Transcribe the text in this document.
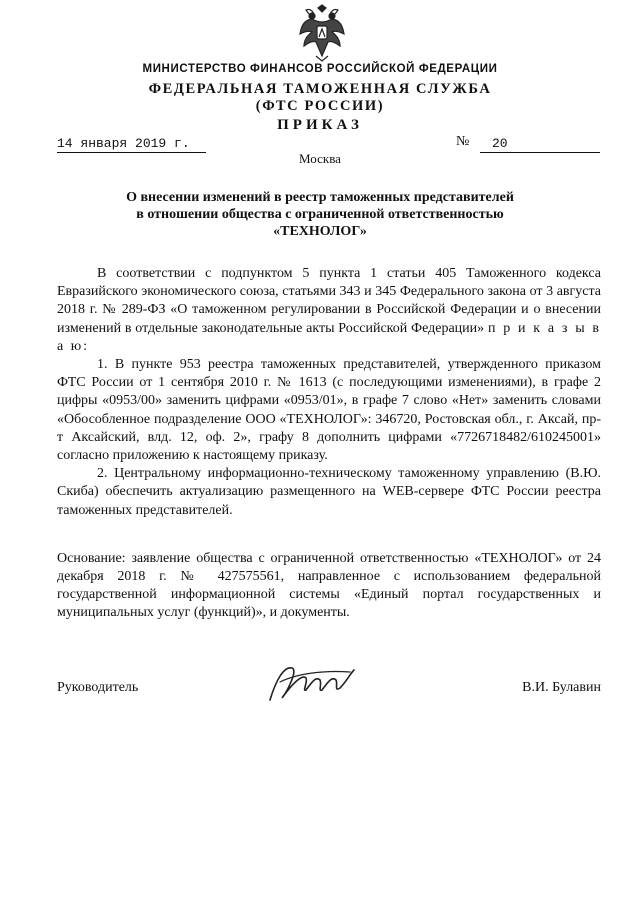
МИНИСТЕРСТВО ФИНАНСОВ РОССИЙСКОЙ ФЕДЕРАЦИИ
ФЕДЕРАЛЬНАЯ ТАМОЖЕННАЯ СЛУЖБА
(ФТС РОССИИ)
ПРИКАЗ
14 января 2019 г.	№	20
Москва
О внесении изменений в реестр таможенных представителей
в отношении общества с ограниченной ответственностью
«ТЕХНОЛОГ»

В соответствии с подпунктом 5 пункта 1 статьи 405 Таможенного кодекса Евразийского экономического союза, статьями 343 и 345 Федерального закона от 3 августа 2018 г. № 289-ФЗ «О таможенном регулировании в Российской Федерации и о внесении изменений в отдельные законодательные акты Российской Федерации» п р и к а з ы в а ю:

1. В пункте 953 реестра таможенных представителей, утвержденного приказом ФТС России от 1 сентября 2010 г. № 1613 (с последующими изменениями), в графе 2 цифры «0953/00» заменить цифрами «0953/01», в графе 7 слово «Нет» заменить словами «Обособленное подразделение ООО «ТЕХНОЛОГ»: 346720, Ростовская обл., г. Аксай, пр-т Аксайский, влд. 12, оф. 2», графу 8 дополнить цифрами «7726718482/610245001» согласно приложению к настоящему приказу.

2. Центральному информационно-техническому таможенному управлению (В.Ю. Скиба) обеспечить актуализацию размещенного на WEB-сервере ФТС России реестра таможенных представителей.

Основание: заявление общества с ограниченной ответственностью «ТЕХНОЛОГ» от 24 декабря 2018 г. № 427575561, направленное с использованием федеральной государственной информационной системы «Единый портал государственных и муниципальных услуг (функций)», и документы.

Руководитель	В.И. Булавин
